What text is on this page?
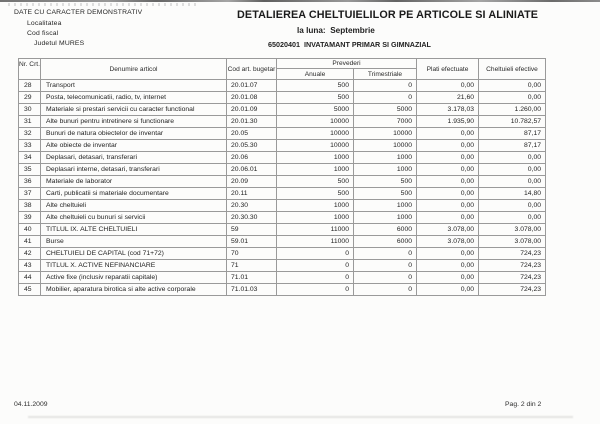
DATE CU CARACTER DEMONSTRATIV
Localitatea
Cod fiscal
Judetul MURES
DETALIEREA CHELTUIELILOR PE ARTICOLE SI ALINIATE
la luna:  Septembrie
65020401  INVATAMANT PRIMAR SI GIMNAZIAL
Nr. Crt.	Denumire articol	Cod art. bugetar	Prevederi		Plati efectuate	Cheltuieli efective
			Anuale	Trimestriale		
28	Transport	20.01.07	500	0	0,00	0,00
29	Posta, telecomunicatii, radio, tv, internet	20.01.08	500	0	21,60	0,00
30	Materiale si prestari servicii cu caracter functional	20.01.09	5000	5000	3.178,03	1.260,00
31	Alte bunuri pentru intretinere si functionare	20.01.30	10000	7000	1.935,90	10.782,57
32	Bunuri de natura obiectelor de inventar	20.05	10000	10000	0,00	87,17
33	Alte obiecte de inventar	20.05.30	10000	10000	0,00	87,17
34	Deplasari, detasari, transferari	20.06	1000	1000	0,00	0,00
35	Deplasari interne, detasari, transferari	20.06.01	1000	1000	0,00	0,00
36	Materiale de laborator	20.09	500	500	0,00	0,00
37	Carti, publicatii si materiale documentare	20.11	500	500	0,00	14,80
38	Alte cheltuieli	20.30	1000	1000	0,00	0,00
39	Alte cheltuieli cu bunuri si servicii	20.30.30	1000	1000	0,00	0,00
40	TITLUL IX. ALTE CHELTUIELI	59	11000	6000	3.078,00	3.078,00
41	Burse	59.01	11000	6000	3.078,00	3.078,00
42	CHELTUIELI DE CAPITAL (cod 71+72)	70	0	0	0,00	724,23
43	TITLUL X. ACTIVE NEFINANCIARE	71	0	0	0,00	724,23
44	Active fixe (inclusiv reparatii capitale)	71.01	0	0	0,00	724,23
45	Mobilier, aparatura birotica si alte active corporale	71.01.03	0	0	0,00	724,23
04.11.2009	Pag. 2 din 2
